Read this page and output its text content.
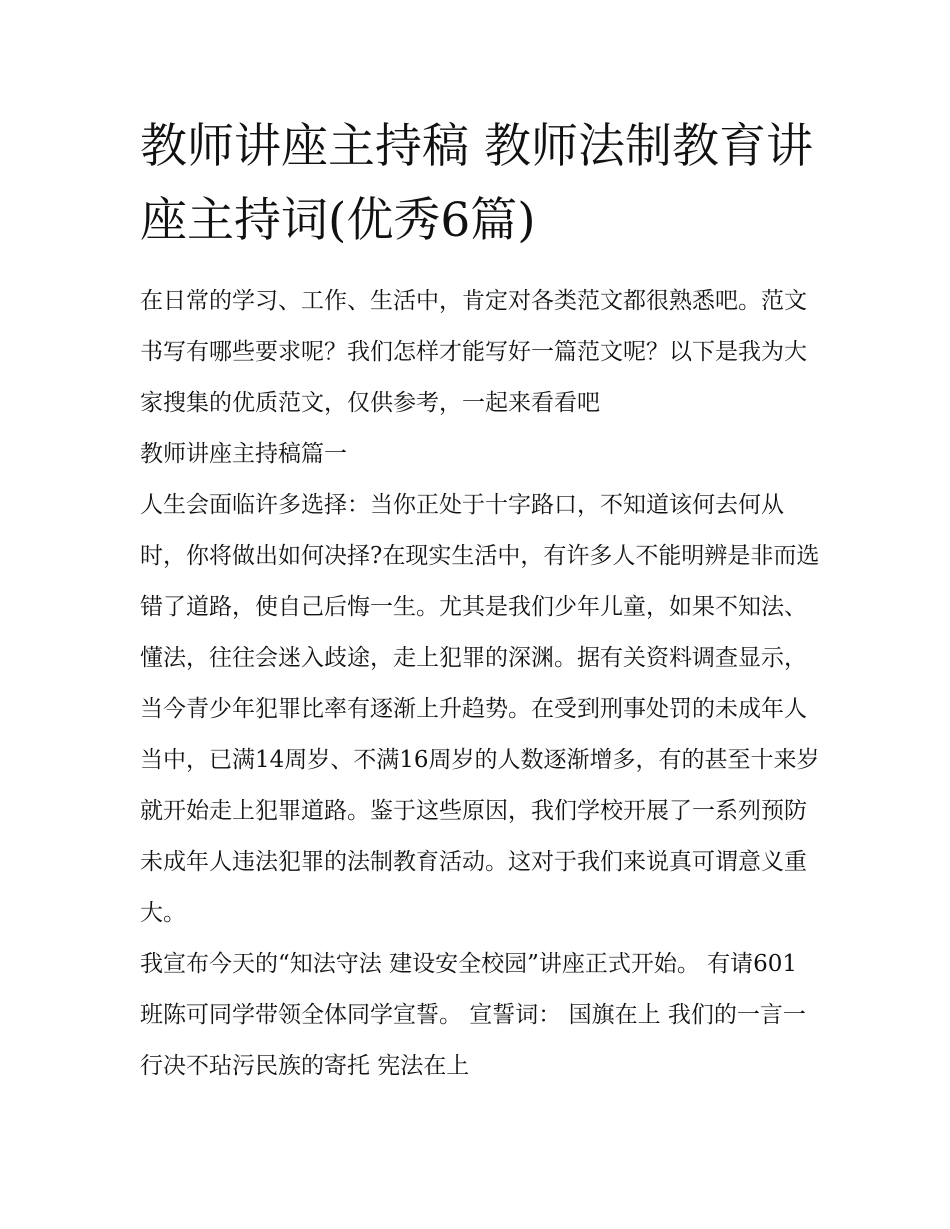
教师讲座主持稿 教师法制教育讲座主持词(优秀6篇)

在日常的学习、工作、生活中，肯定对各类范文都很熟悉吧。范文书写有哪些要求呢？我们怎样才能写好一篇范文呢？以下是我为大家搜集的优质范文，仅供参考，一起来看看吧

教师讲座主持稿篇一

人生会面临许多选择：当你正处于十字路口，不知道该何去何从时，你将做出如何决择?在现实生活中，有许多人不能明辨是非而选错了道路，使自己后悔一生。尤其是我们少年儿童，如果不知法、懂法，往往会迷入歧途，走上犯罪的深渊。据有关资料调查显示，当今青少年犯罪比率有逐渐上升趋势。在受到刑事处罚的未成年人当中，已满14周岁、不满16周岁的人数逐渐增多，有的甚至十来岁就开始走上犯罪道路。鉴于这些原因，我们学校开展了一系列预防未成年人违法犯罪的法制教育活动。这对于我们来说真可谓意义重大。

我宣布今天的“知法守法 建设安全校园”讲座正式开始。 有请601班陈可同学带领全体同学宣誓。 宣誓词： 国旗在上 我们的一言一行决不玷污民族的寄托 宪法在上
